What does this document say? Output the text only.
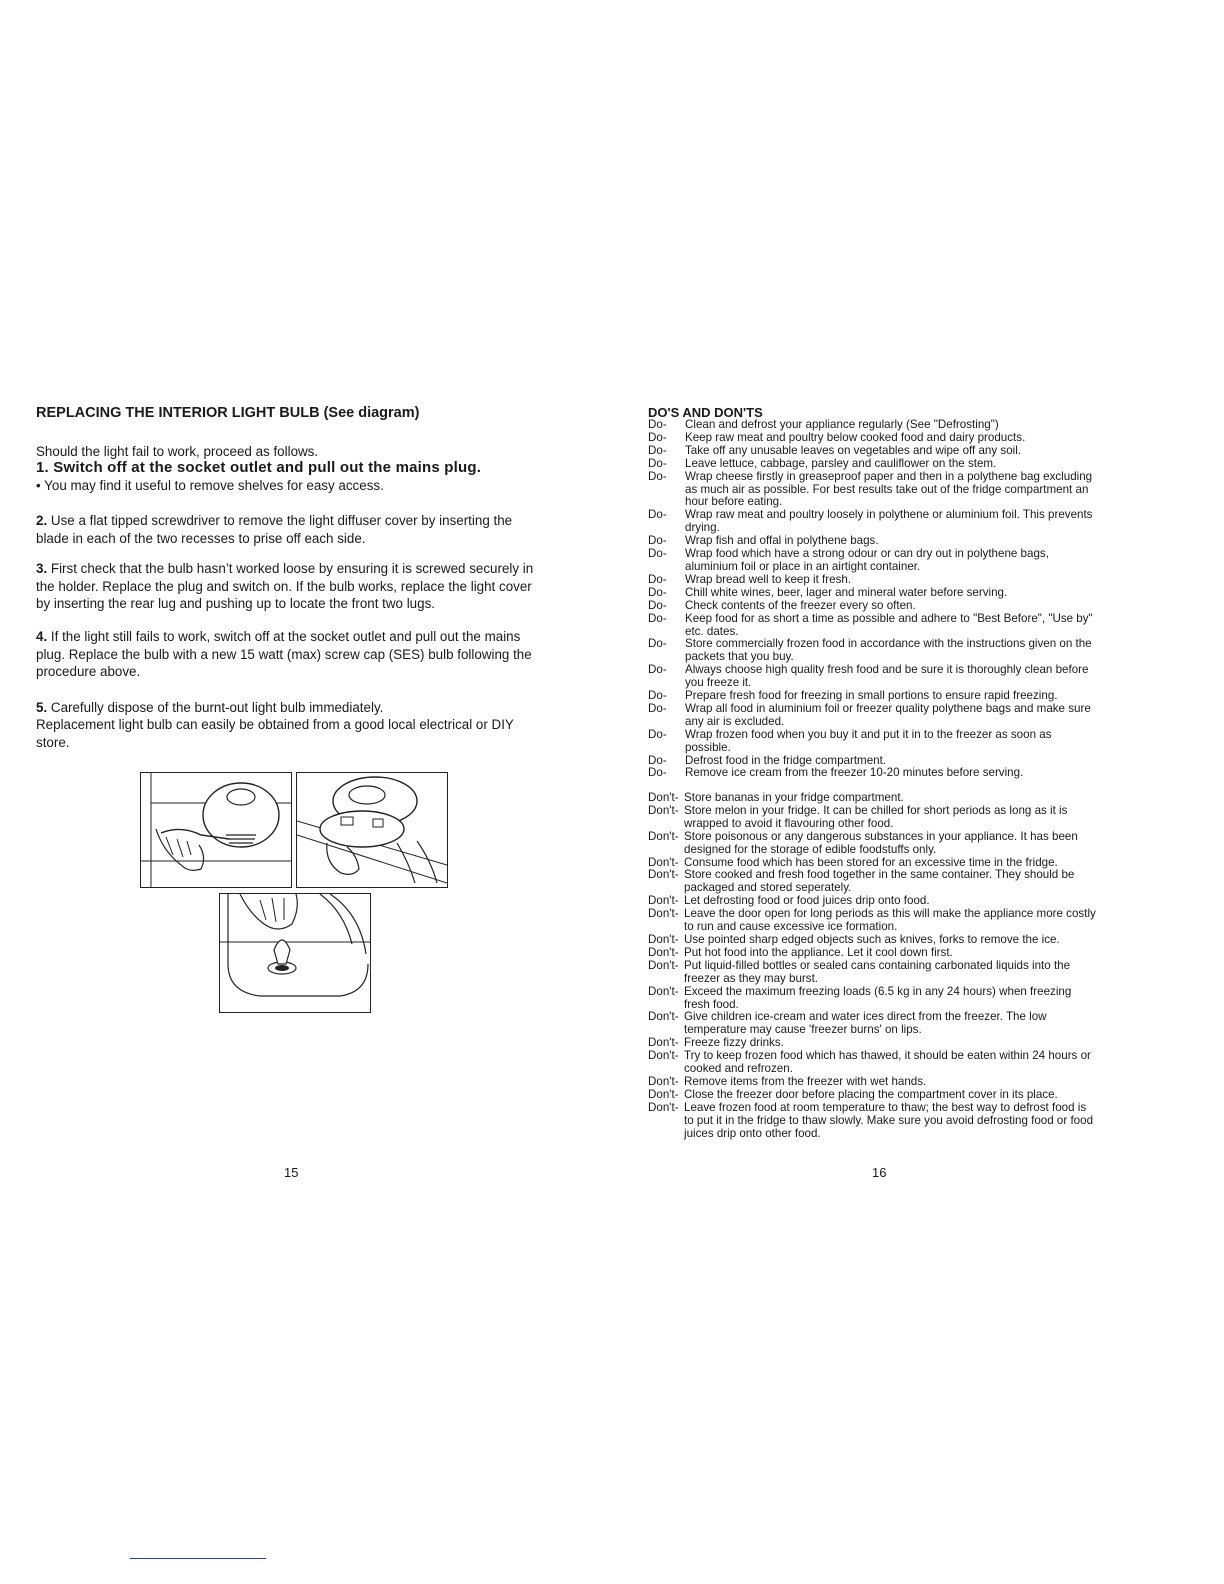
REPLACING THE INTERIOR LIGHT BULB (See diagram)

Should the light fail to work, proceed as follows.

1. Switch off at the socket outlet and pull out the mains plug.

• You may find it useful to remove shelves for easy access.

2. Use a flat tipped screwdriver to remove the light diffuser cover by inserting the blade in each of the two recesses to prise off each side.

3. First check that the bulb hasn’t worked loose by ensuring it is screwed securely in the holder. Replace the plug and switch on. If the bulb works, replace the light cover by inserting the rear lug and pushing up to locate the front two lugs.

4. If the light still fails to work, switch off at the socket outlet and pull out the mains plug. Replace the bulb with a new 15 watt (max) screw cap (SES) bulb following the procedure above.

5. Carefully dispose of the burnt-out light bulb immediately.

Replacement light bulb can easily be obtained from a good local electrical or DIY store.

15
DO'S AND DON'TS
Do-	Clean and defrost your appliance regularly (See "Defrosting")
Do-	Keep raw meat and poultry below cooked food and dairy products.
Do-	Take off any unusable leaves on vegetables and wipe off any soil.
Do-	Leave lettuce, cabbage, parsley and cauliflower on the stem.
Do-	Wrap cheese firstly in greaseproof paper and then in a polythene bag excluding as much air as possible. For best results take out of the fridge compartment an hour before eating.
Do-	Wrap raw meat and poultry loosely in polythene or aluminium foil. This prevents drying.
Do-	Wrap fish and offal in polythene bags.
Do-	Wrap food which have a strong odour or can dry out in polythene bags, aluminium foil or place in an airtight container.
Do-	Wrap bread well to keep it fresh.
Do-	Chill white wines, beer, lager and mineral water before serving.
Do-	Check contents of the freezer every so often.
Do-	Keep food for as short a time as possible and adhere to "Best Before", "Use by" etc. dates.
Do-	Store commercially frozen food in accordance with the instructions given on the packets that you buy.
Do-	Always choose high quality fresh food and be sure it is thoroughly clean before you freeze it.
Do-	Prepare fresh food for freezing in small portions to ensure rapid freezing.
Do-	Wrap all food in aluminium foil or freezer quality polythene bags and make sure any air is excluded.
Do-	Wrap frozen food when you buy it and put it in to the freezer as soon as possible.
Do-	Defrost food in the fridge compartment.
Do-	Remove ice cream from the freezer 10-20 minutes before serving.
Don't- Store bananas in your fridge compartment.
Don't- Store melon in your fridge. It can be chilled for short periods as long as it is wrapped to avoid it flavouring other food.
Don't- Store poisonous or any dangerous substances in your appliance. It has been designed for the storage of edible foodstuffs only.
Don't- Consume food which has been stored for an excessive time in the fridge.
Don't- Store cooked and fresh food together in the same container. They should be packaged and stored seperately.
Don't- Let defrosting food or food juices drip onto food.
Don't- Leave the door open for long periods as this will make the appliance more costly to run and cause excessive ice formation.
Don't- Use pointed sharp edged objects such as knives, forks to remove the ice.
Don't- Put hot food into the appliance. Let it cool down first.
Don't- Put liquid-filled bottles or sealed cans containing carbonated liquids into the freezer as they may burst.
Don't- Exceed the maximum freezing loads (6.5 kg in any 24 hours) when freezing fresh food.
Don't- Give children ice-cream and water ices direct from the freezer. The low temperature may cause 'freezer burns' on lips.
Don't- Freeze fizzy drinks.
Don't- Try to keep frozen food which has thawed, it should be eaten within 24 hours or cooked and refrozen.
Don't- Remove items from the freezer with wet hands.
Don't- Close the freezer door before placing the compartment cover in its place.
Don't- Leave frozen food at room temperature to thaw; the best way to defrost food is to put it in the fridge to thaw slowly. Make sure you avoid defrosting food or food juices drip onto other food.
16
